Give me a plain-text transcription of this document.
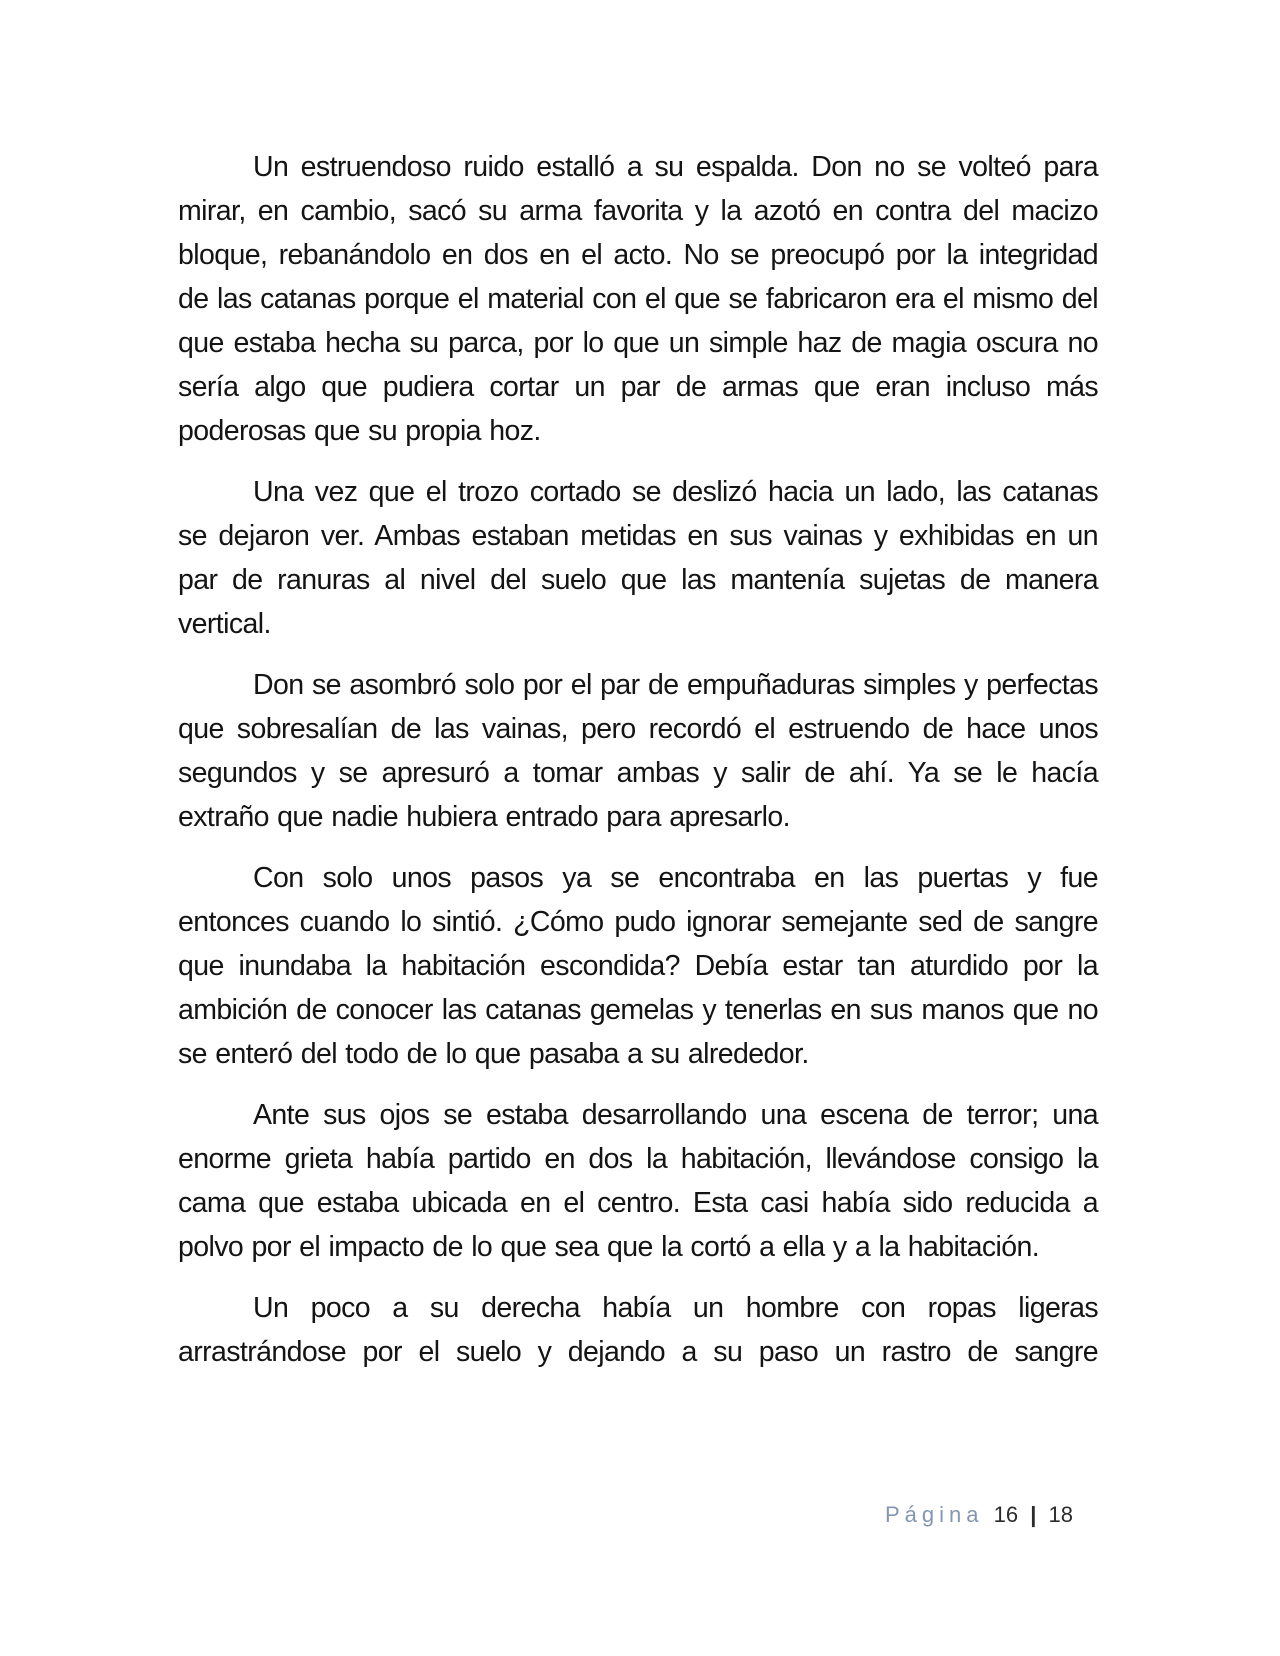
Un estruendoso ruido estalló a su espalda. Don no se volteó para mirar, en cambio, sacó su arma favorita y la azotó en contra del macizo bloque, rebanándolo en dos en el acto. No se preocupó por la integridad de las catanas porque el material con el que se fabricaron era el mismo del que estaba hecha su parca, por lo que un simple haz de magia oscura no sería algo que pudiera cortar un par de armas que eran incluso más poderosas que su propia hoz.

Una vez que el trozo cortado se deslizó hacia un lado, las catanas se dejaron ver. Ambas estaban metidas en sus vainas y exhibidas en un par de ranuras al nivel del suelo que las mantenía sujetas de manera vertical.

Don se asombró solo por el par de empuñaduras simples y perfectas que sobresalían de las vainas, pero recordó el estruendo de hace unos segundos y se apresuró a tomar ambas y salir de ahí. Ya se le hacía extraño que nadie hubiera entrado para apresarlo.

Con solo unos pasos ya se encontraba en las puertas y fue entonces cuando lo sintió. ¿Cómo pudo ignorar semejante sed de sangre que inundaba la habitación escondida? Debía estar tan aturdido por la ambición de conocer las catanas gemelas y tenerlas en sus manos que no se enteró del todo de lo que pasaba a su alrededor.

Ante sus ojos se estaba desarrollando una escena de terror; una enorme grieta había partido en dos la habitación, llevándose consigo la cama que estaba ubicada en el centro. Esta casi había sido reducida a polvo por el impacto de lo que sea que la cortó a ella y a la habitación.

Un poco a su derecha había un hombre con ropas ligeras arrastrándose por el suelo y dejando a su paso un rastro de sangre

Página 16 | 18
